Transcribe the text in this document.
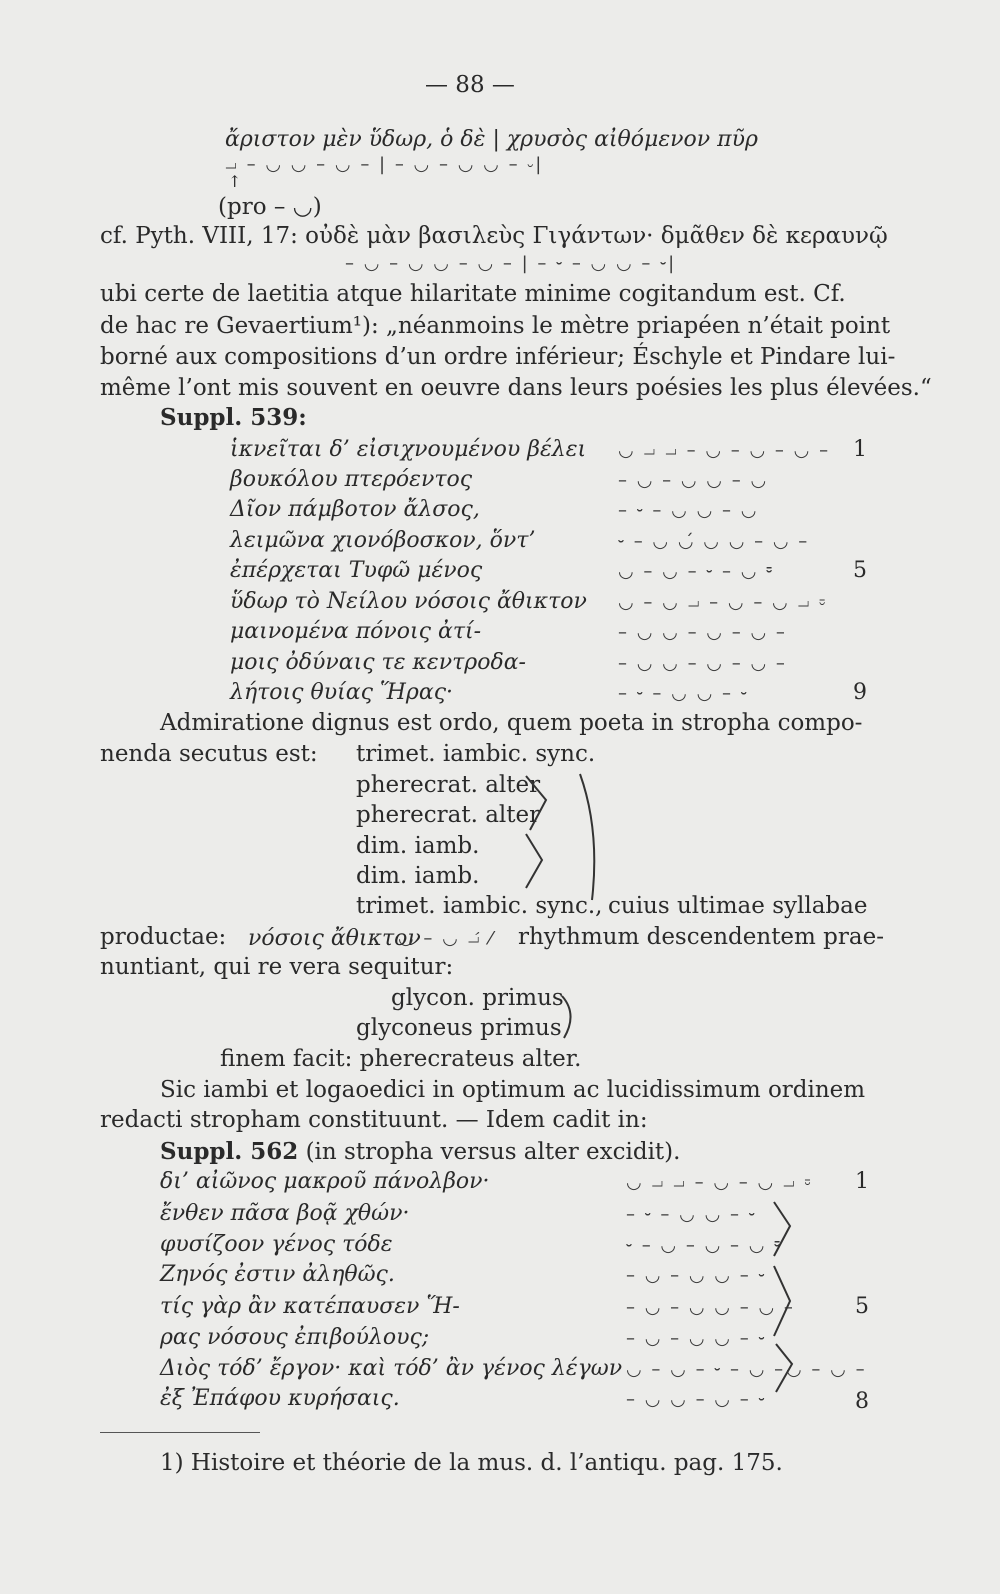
— 88 —
ἄριστον μὲν ὕδωρ, ὁ δὲ | χρυσὸς αἰθόμενον πῦρ
⏗ – ◡ ◡ – ◡ – | – ◡ – ◡ ◡ – ⏑|
↑
(pro – ◡)
cf. Pyth. VIII, 17: οὐδὲ μὰν βασιλεὺς Γιγάντων· δμᾶθεν δὲ κεραυνῷ
– ◡ – ◡ ◡ – ◡ – | – ⏑ – ◡ ◡ – ⏑|
ubi certe de laetitia atque hilaritate minime cogitandum est. Cf.
de hac re Gevaertium¹): „néanmoins le mètre priapéen n’était point
borné aux compositions d’un ordre inférieur; Éschyle et Pindare lui-
même l’ont mis souvent en oeuvre dans leurs poésies les plus élevées.“
Suppl. 539:
ἱκνεῖται δ’ εἰσιχνουμένου βέλει ◡ ⏗ ⏗ – ◡ – ◡ – ◡ – 1
βουκόλου πτερόεντος	– ◡ – ◡ ◡ – ◡
Δῖον πάμβοτον ἄλσος,	– ⏑ – ◡ ◡ – ◡
λειμῶνα χιονόβοσκον, ὅντ’	⏑ – ◡ ◡́ ◡ ◡ – ◡ –
ἐπέρχεται Τυφῶ μένος	◡ – ◡ – ⏑ – ◡ ⏒	5
ὕδωρ τὸ Νείλου νόσοις ἄθικτον ◡ – ◡ ⏗ – ◡ – ◡ ⏗ ⏒
μαινομένα πόνοις ἀτί-	– ◡ ◡ – ◡ – ◡ –
μοις ὀδύναις τε κεντροδα-	– ◡ ◡ – ◡ – ◡ –
λήτοις θυίας Ἥρας·	– ⏑ – ◡ ◡ – ⏑	9
Admiratione dignus est ordo, quem poeta in stropha compo-
nenda secutus est: trimet. iambic. sync.
pherecrat. alter
pherecrat. alter
dim. iamb.
dim. iamb.
trimet. iambic. sync., cuius ultimae syllabae
productae: νόσοις ἄθικτον
◡ – ◡ ⏗́ ⁄ rhythmum descendentem prae-
nuntiant, qui re vera sequitur:
glycon. primus
glyconeus primus
finem facit: pherecrateus alter.
Sic iambi et logaoedici in optimum ac lucidissimum ordinem
redacti stropham constituunt. — Idem cadit in:
Suppl. 562 (in stropha versus alter excidit).
δι’ αἰῶνος μακροῦ πάνολβον·	◡ ⏗ ⏗ – ◡ – ◡ ⏗ ⏒ 1
ἔνθεν πᾶσα βοᾷ χθών·	– ⏑ – ◡ ◡ – ⏑
φυσίζοον γένος τόδε	⏑ – ◡ – ◡ – ◡ ⏒
Ζηνός ἐστιν ἀληθῶς.	– ◡ – ◡ ◡ – ⏑
τίς γὰρ ἂν κατέπαυσεν Ἥ-	– ◡ – ◡ ◡ – ◡ –	5
ρας νόσους ἐπιβούλους;	– ◡ – ◡ ◡ – ⏑
Διὸς τόδ’ ἔργον· καὶ τόδ’ ἂν γένος λέγων ◡ – ◡ – ⏑ – ◡ – ◡ – ◡ –
ἐξ Ἐπάφου κυρήσαις.	– ◡ ◡ – ◡ – ⏑	8
1) Histoire et théorie de la mus. d. l’antiqu. pag. 175.
